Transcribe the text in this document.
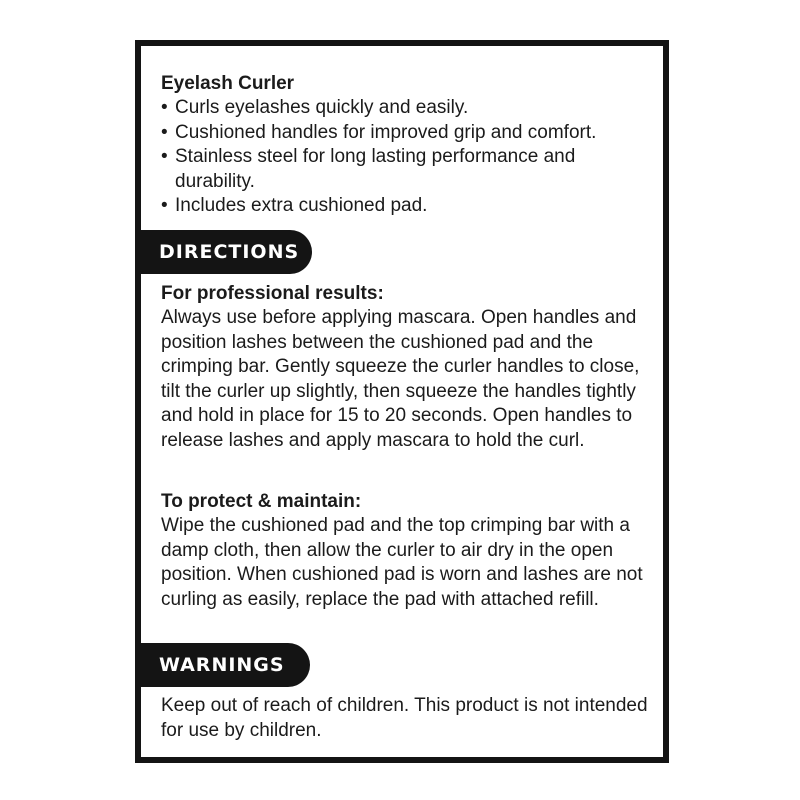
Eyelash Curler
• Curls eyelashes quickly and easily.
• Cushioned handles for improved grip and comfort.
• Stainless steel for long lasting performance and durability.
• Includes extra cushioned pad.
DIRECTIONS
For professional results:
Always use before applying mascara. Open handles and position lashes between the cushioned pad and the crimping bar. Gently squeeze the curler handles to close, tilt the curler up slightly, then squeeze the handles tightly and hold in place for 15 to 20 seconds. Open handles to release lashes and apply mascara to hold the curl.
To protect & maintain:
Wipe the cushioned pad and the top crimping bar with a damp cloth, then allow the curler to air dry in the open position. When cushioned pad is worn and lashes are not curling as easily, replace the pad with attached refill.
WARNINGS
Keep out of reach of children. This product is not intended for use by children.
